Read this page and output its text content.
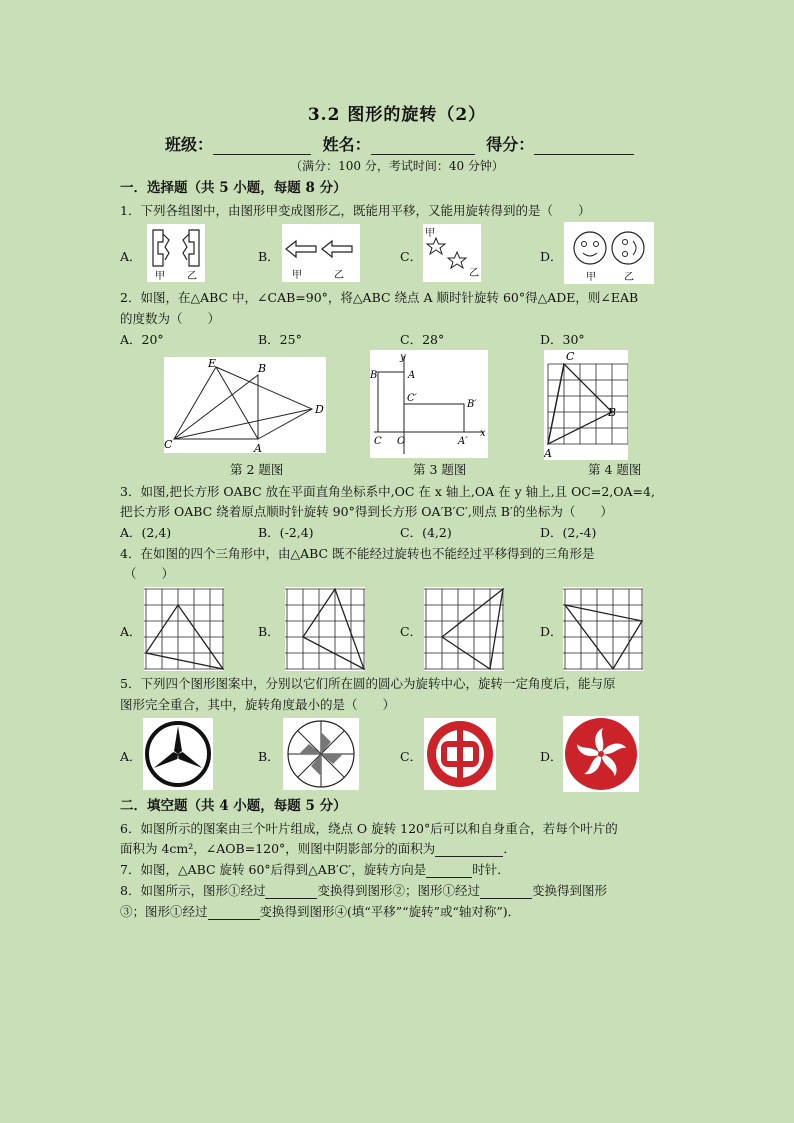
3.2 图形的旋转（2）
班级：	姓名：	得分：
（满分：100 分，考试时间：40 分钟）
一．选择题（共 5 小题，每题 8 分）
1．下列各组图中，由图形甲变成图形乙，既能用平移，又能用旋转得到的是（　　）
A．
甲 乙
B．
甲	乙
C．
甲
乙
D．
甲	乙
2．如图，在△ABC 中，∠CAB=90°，将△ABC 绕点 A 顺时针旋转 60°得△ADE，则∠EAB
的度数为（　　）
A．20°	B．25°	C．28°	D．30°
E	B
D
C	A
y
B	A
C′
B′
C O	A′
x
C
B
A
第 2 题图	第 3 题图	第 4 题图
3．如图,把长方形 OABC 放在平面直角坐标系中,OC 在 x 轴上,OA 在 y 轴上,且 OC=2,OA=4,
把长方形 OABC 绕着原点顺时针旋转 90°得到长方形 OA′B′C′,则点 B′的坐标为（　　）
A．(2,4)	B．(-2,4)	C．(4,2)	D．(2,-4)
4．在如图的四个三角形中，由△ABC 既不能经过旋转也不能经过平移得到的三角形是
（　　）
A．	B．	C．	D．
5．下列四个图形图案中，分别以它们所在圆的圆心为旋转中心，旋转一定角度后，能与原
图形完全重合，其中，旋转角度最小的是（　　）
A．	B．	C．	D．
二．填空题（共 4 小题，每题 5 分）
6．如图所示的图案由三个叶片组成，绕点 O 旋转 120°后可以和自身重合，若每个叶片的
面积为 4cm²，∠AOB=120°，则图中阴影部分的面积为	．
7．如图，△ABC 旋转 60°后得到△AB′C′，旋转方向是	时针．
8．如图所示，图形①经过	变换得到图形②；图形①经过	变换得到图形
③；图形①经过	变换得到图形④(填“平移”“旋转”或“轴对称”)．
